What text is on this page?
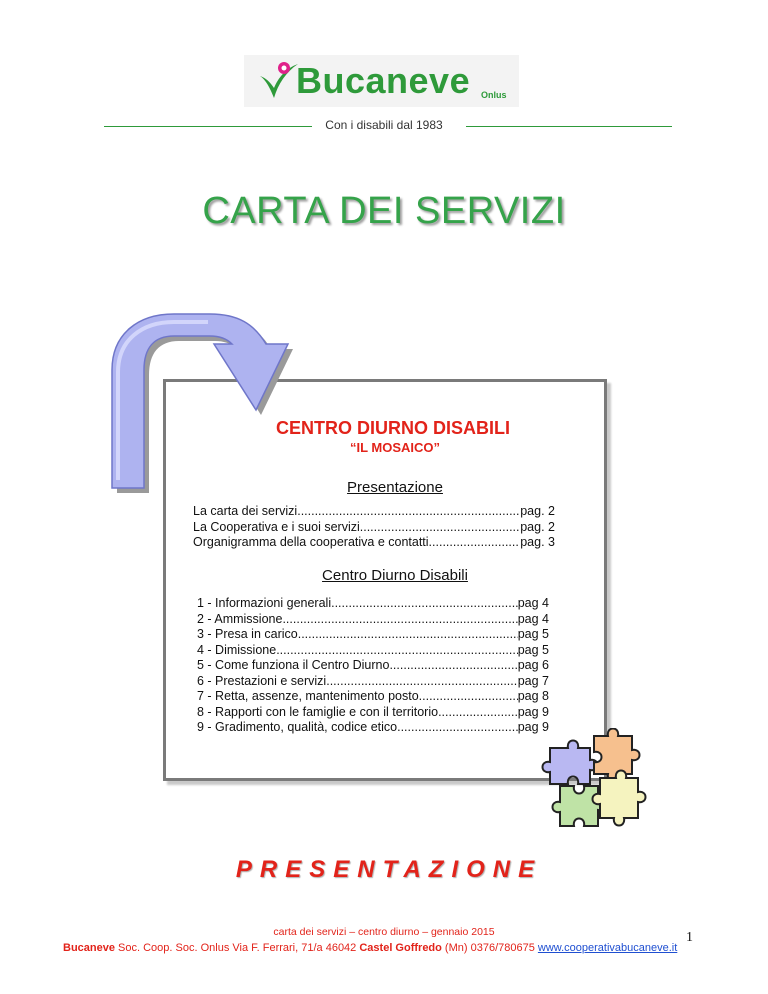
Bucaneve Onlus
Con i disabili dal 1983
CARTA DEI SERVIZI
CENTRO DIURNO DISABILI
“IL MOSAICO”
Presentazione
La carta dei servizi .....	pag. 2
La Cooperativa e i suoi servizi .....	pag. 2
Organigramma della cooperativa e contatti .....	pag. 3
Centro Diurno Disabili
1 - Informazioni generali .....	pag 4
2 - Ammissione .....	pag 4
3 - Presa in carico .....	pag 5
4 - Dimissione .....	pag 5
5 - Come funziona il Centro Diurno .....	pag 6
6 - Prestazioni e servizi .....	pag 7
7 - Retta, assenze, mantenimento posto .....	pag 8
8 - Rapporti con le famiglie e con il territorio .....	pag 9
9 - Gradimento, qualità, codice etico .....	pag 9
PRESENTAZIONE
carta dei servizi – centro diurno – gennaio 2015
Bucaneve Soc. Coop. Soc. Onlus Via F. Ferrari, 71/a 46042 Castel Goffredo (Mn) 0376/780675 www.cooperativabucaneve.it
1
